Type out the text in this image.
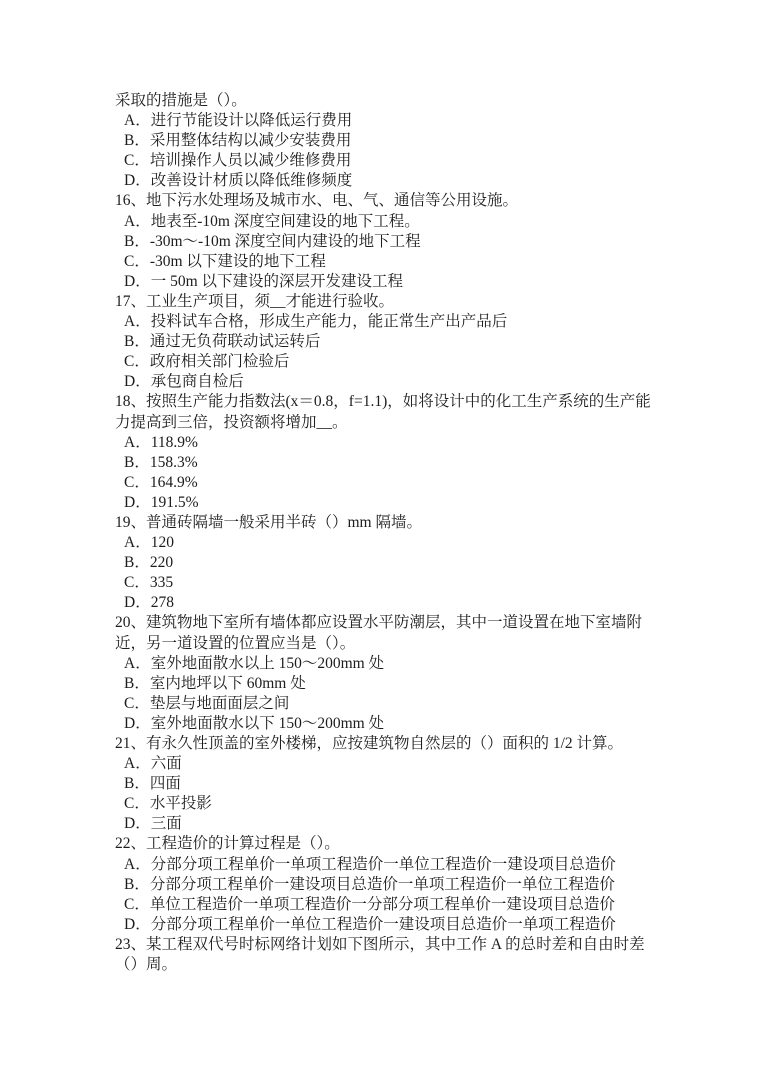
采取的措施是（）。

A．进行节能设计以降低运行费用

B．采用整体结构以减少安装费用

C．培训操作人员以减少维修费用

D．改善设计材质以降低维修频度

16、地下污水处理场及城市水、电、气、通信等公用设施。

A．地表至-10m 深度空间建设的地下工程。

B．-30m～-10m 深度空间内建设的地下工程

C．-30m 以下建设的地下工程

D．一 50m 以下建设的深层开发建设工程

17、工业生产项目，须__才能进行验收。

A．投料试车合格，形成生产能力，能正常生产出产品后

B．通过无负荷联动试运转后

C．政府相关部门检验后

D．承包商自检后

18、按照生产能力指数法(x＝0.8，f=1.1)，如将设计中的化工生产系统的生产能力提高到三倍，投资额将增加__。

A．118.9%

B．158.3%

C．164.9%

D．191.5%

19、普通砖隔墙一般采用半砖（）mm 隔墙。

A．120

B．220

C．335

D．278

20、建筑物地下室所有墙体都应设置水平防潮层，其中一道设置在地下室墙附近，另一道设置的位置应当是（）。

A．室外地面散水以上 150～200mm 处

B．室内地坪以下 60mm 处

C．垫层与地面面层之间

D．室外地面散水以下 150～200mm 处

21、有永久性顶盖的室外楼梯，应按建筑物自然层的（）面积的 1/2 计算。

A．六面

B．四面

C．水平投影

D．三面

22、工程造价的计算过程是（）。

A．分部分项工程单价一单项工程造价一单位工程造价一建设项目总造价

B．分部分项工程单价一建设项目总造价一单项工程造价一单位工程造价

C．单位工程造价一单项工程造价一分部分项工程单价一建设项目总造价

D．分部分项工程单价一单位工程造价一建设项目总造价一单项工程造价

23、某工程双代号时标网络计划如下图所示，其中工作 A 的总时差和自由时差（）周。
